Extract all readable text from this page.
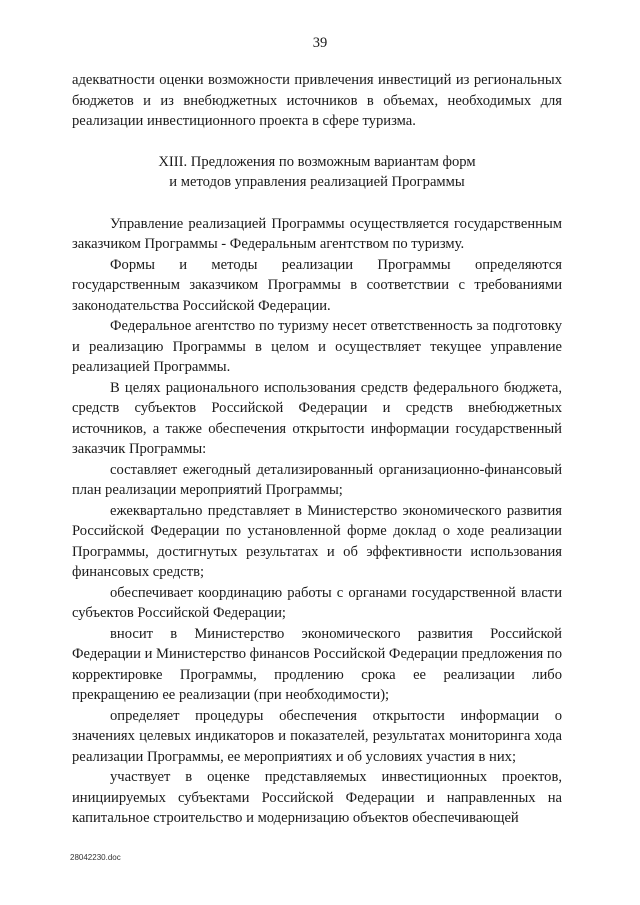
39

адекватности оценки возможности привлечения инвестиций из региональных бюджетов и из внебюджетных источников в объемах, необходимых для реализации инвестиционного проекта в сфере туризма.

XIII. Предложения по возможным вариантам форм
и методов управления реализацией Программы

Управление реализацией Программы осуществляется государственным заказчиком Программы - Федеральным агентством по туризму.

Формы и методы реализации Программы определяются государственным заказчиком Программы в соответствии с требованиями законодательства Российской Федерации.

Федеральное агентство по туризму несет ответственность за подготовку и реализацию Программы в целом и осуществляет текущее управление реализацией Программы.

В целях рационального использования средств федерального бюджета, средств субъектов Российской Федерации и средств внебюджетных источников, а также обеспечения открытости информации государственный заказчик Программы:

составляет ежегодный детализированный организационно-финансовый план реализации мероприятий Программы;

ежеквартально представляет в Министерство экономического развития Российской Федерации по установленной форме доклад о ходе реализации Программы, достигнутых результатах и об эффективности использования финансовых средств;

обеспечивает координацию работы с органами государственной власти субъектов Российской Федерации;

вносит в Министерство экономического развития Российской Федерации и Министерство финансов Российской Федерации предложения по корректировке Программы, продлению срока ее реализации либо прекращению ее реализации (при необходимости);

определяет процедуры обеспечения открытости информации о значениях целевых индикаторов и показателей, результатах мониторинга хода реализации Программы, ее мероприятиях и об условиях участия в них;

участвует в оценке представляемых инвестиционных проектов, инициируемых субъектами Российской Федерации и направленных на капитальное строительство и модернизацию объектов обеспечивающей

28042230.doc
